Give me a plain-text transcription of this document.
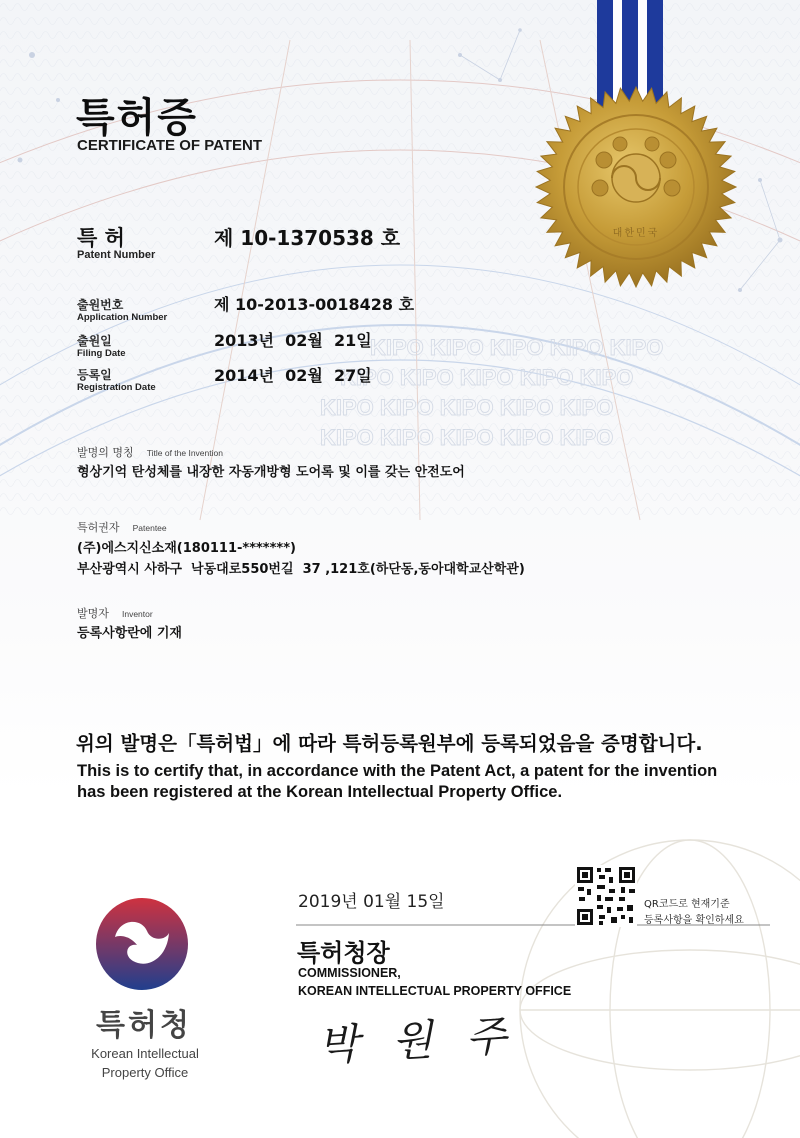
대한민국
KIPO KIPO KIPO KIPO KIPO
KIPO KIPO KIPO KIPO KIPO
KIPO KIPO KIPO KIPO KIPO
KIPO KIPO KIPO KIPO KIPO
특허증
CERTIFICATE OF PATENT
특 허
Patent Number
제 10-1370538 호
출원번호
Application Number
제 10-2013-0018428 호
출원일
Filing Date
2013년  02월  21일
등록일
Registration Date
2014년  02월  27일
발명의 명칭 Title of the Invention
형상기억 탄성체를 내장한 자동개방형 도어록 및 이를 갖는 안전도어
특허권자 Patentee
(주)에스지신소재(180111-*******)
부산광역시 사하구  낙동대로550번길  37 ,121호(하단동,동아대학교산학관)
발명자 Inventor
등록사항란에 기재
위의 발명은「특허법」에 따라 특허등록원부에 등록되었음을 증명합니다.
This is to certify that, in accordance with the Patent Act, a patent for the invention
has been registered at the Korean Intellectual Property Office.
QR코드로 현재기준
등록사항을 확인하세요
2019년 01월 15일
특허청장
COMMISSIONER,
KOREAN INTELLECTUAL PROPERTY OFFICE
박 원 주
특허청
Korean Intellectual
Property Office
